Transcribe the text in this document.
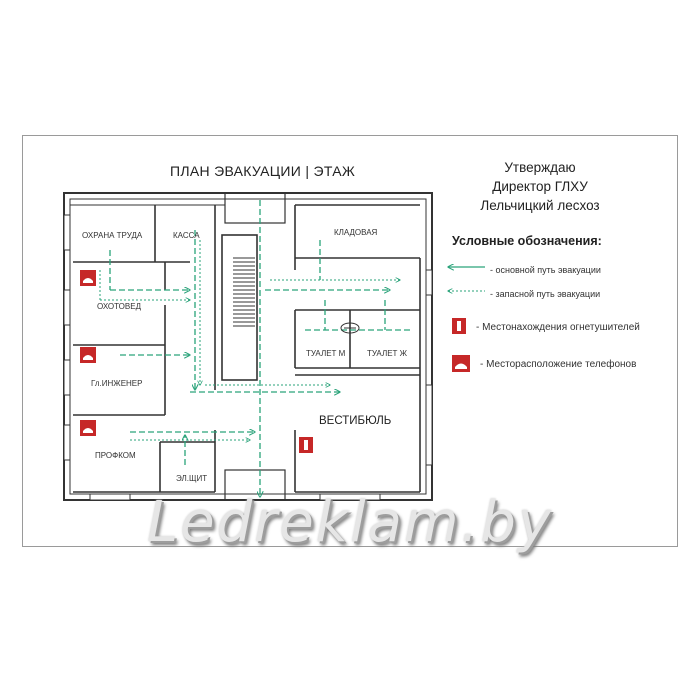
ПЛАН ЭВАКУАЦИИ | ЭТАЖ	Утверждаю
Директор ГЛХУ
Лельчицкий лесхоз
ОХРАНА ТРУДА	КАССА	КЛАДОВАЯ
ОХОТОВЕД
Гл.ИНЖЕНЕР
ПРОФКОМ
ЭЛ.ЩИТ
ТУАЛЕТ М	ТУАЛЕТ Ж
ВЕСТИБЮЛЬ
Условные обозначения:
- основной путь эвакуации
- запасной путь эвакуации
- Местонахождения огнетушителей
- Месторасположение телефонов
Ledreklam.by
